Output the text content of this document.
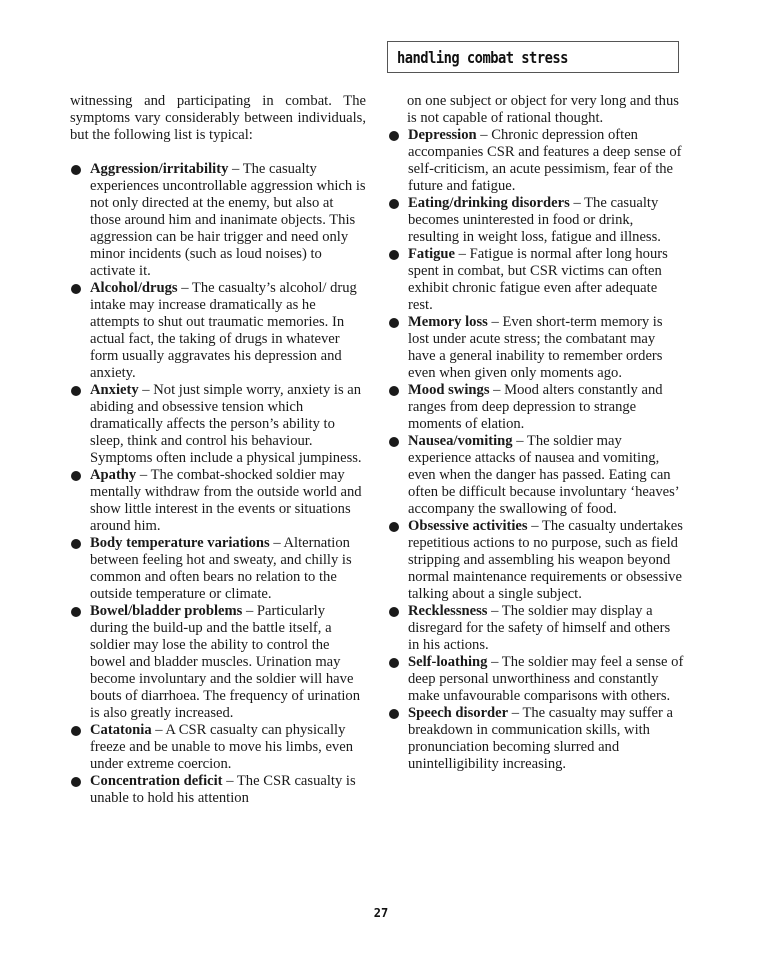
handling combat stress

witnessing and participating in combat. The symptoms vary considerably between individuals, but the following list is typical:

Aggression/irritability – The casualty experiences uncontrollable aggression which is not only directed at the enemy, but also at those around him and inanimate objects. This aggression can be hair trigger and need only minor incidents (such as loud noises) to activate it.
Alcohol/drugs – The casualty’s alcohol/ drug intake may increase dramatically as he attempts to shut out traumatic memories. In actual fact, the taking of drugs in whatever form usually aggravates his depression and anxiety.
Anxiety – Not just simple worry, anxiety is an abiding and obsessive tension which dramatically affects the person’s ability to sleep, think and control his behaviour. Symptoms often include a physical jumpiness.
Apathy – The combat-shocked soldier may mentally withdraw from the outside world and show little interest in the events or situations around him.
Body temperature variations – Alternation between feeling hot and sweaty, and chilly is common and often bears no relation to the outside temperature or climate.
Bowel/bladder problems – Particularly during the build-up and the battle itself, a soldier may lose the ability to control the bowel and bladder muscles. Urination may become involuntary and the soldier will have bouts of diarrhoea. The frequency of urination is also greatly increased.
Catatonia – A CSR casualty can physically freeze and be unable to move his limbs, even under extreme coercion.
Concentration deficit – The CSR casualty is unable to hold his attention

on one subject or object for very long and thus is not capable of rational thought.

Depression – Chronic depression often accompanies CSR and features a deep sense of self-criticism, an acute pessimism, fear of the future and fatigue.
Eating/drinking disorders – The casualty becomes uninterested in food or drink, resulting in weight loss, fatigue and illness.
Fatigue – Fatigue is normal after long hours spent in combat, but CSR victims can often exhibit chronic fatigue even after adequate rest.
Memory loss – Even short-term memory is lost under acute stress; the combatant may have a general inability to remember orders even when given only moments ago.
Mood swings – Mood alters constantly and ranges from deep depression to strange moments of elation.
Nausea/vomiting – The soldier may experience attacks of nausea and vomiting, even when the danger has passed. Eating can often be difficult because involuntary ‘heaves’ accompany the swallowing of food.
Obsessive activities – The casualty undertakes repetitious actions to no purpose, such as field stripping and assembling his weapon beyond normal maintenance requirements or obsessive talking about a single subject.
Recklessness – The soldier may display a disregard for the safety of himself and others in his actions.
Self-loathing – The soldier may feel a sense of deep personal unworthiness and constantly make unfavourable comparisons with others.
Speech disorder – The casualty may suffer a breakdown in communication skills, with pronunciation becoming slurred and unintelligibility increasing.
27
